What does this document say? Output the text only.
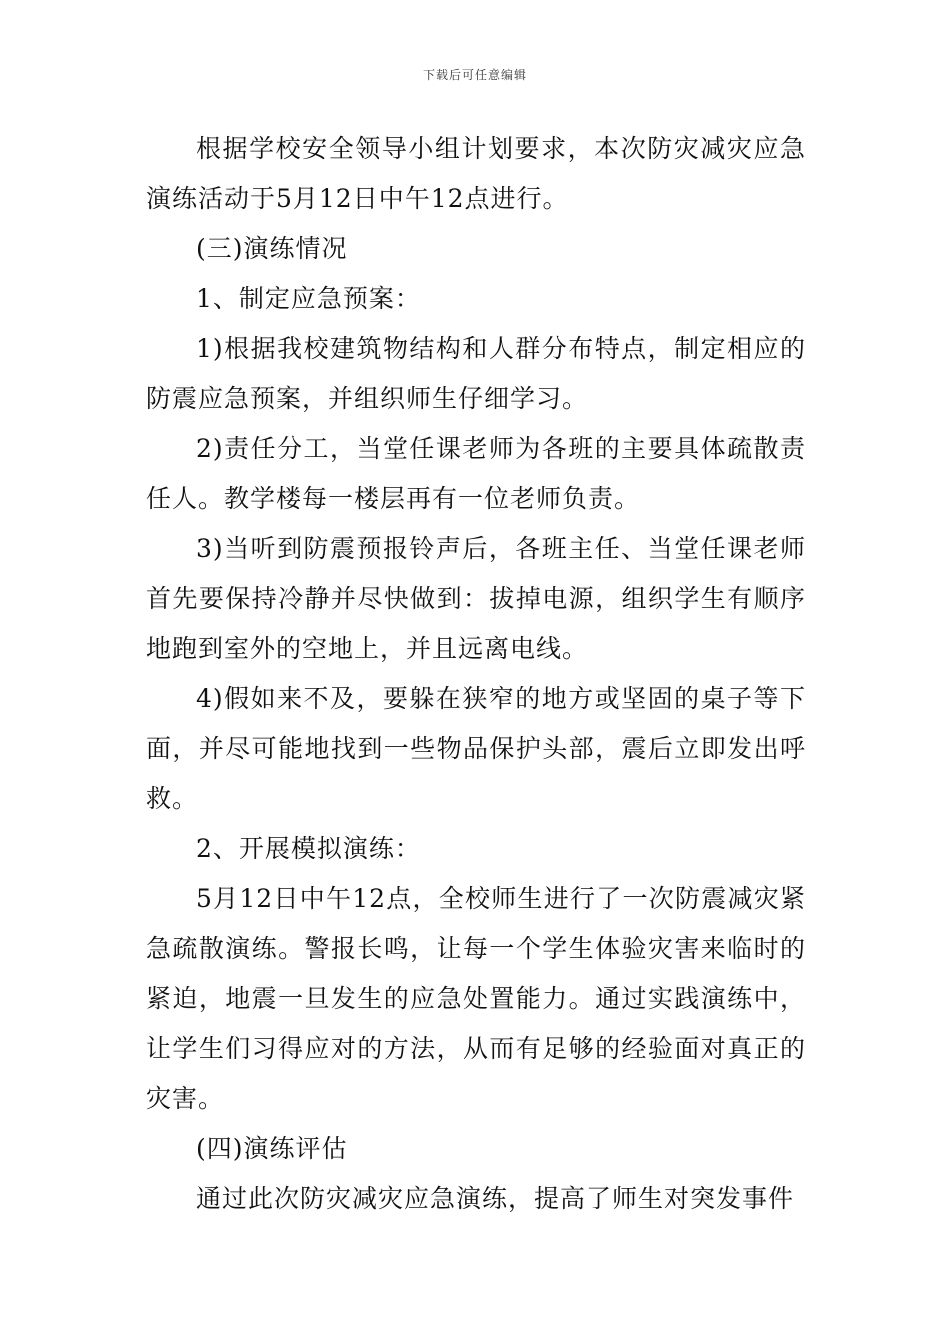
下载后可任意编辑

根据学校安全领导小组计划要求，本次防灾减灾应急演练活动于5月12日中午12点进行。

(三)演练情况

1、制定应急预案：

1)根据我校建筑物结构和人群分布特点，制定相应的防震应急预案，并组织师生仔细学习。

2)责任分工，当堂任课老师为各班的主要具体疏散责任人。教学楼每一楼层再有一位老师负责。

3)当听到防震预报铃声后，各班主任、当堂任课老师首先要保持冷静并尽快做到：拔掉电源，组织学生有顺序地跑到室外的空地上，并且远离电线。

4)假如来不及，要躲在狭窄的地方或坚固的桌子等下面，并尽可能地找到一些物品保护头部，震后立即发出呼救。

2、开展模拟演练：

5月12日中午12点，全校师生进行了一次防震减灾紧急疏散演练。警报长鸣，让每一个学生体验灾害来临时的紧迫，地震一旦发生的应急处置能力。通过实践演练中，让学生们习得应对的方法，从而有足够的经验面对真正的灾害。

(四)演练评估

通过此次防灾减灾应急演练，提高了师生对突发事件
